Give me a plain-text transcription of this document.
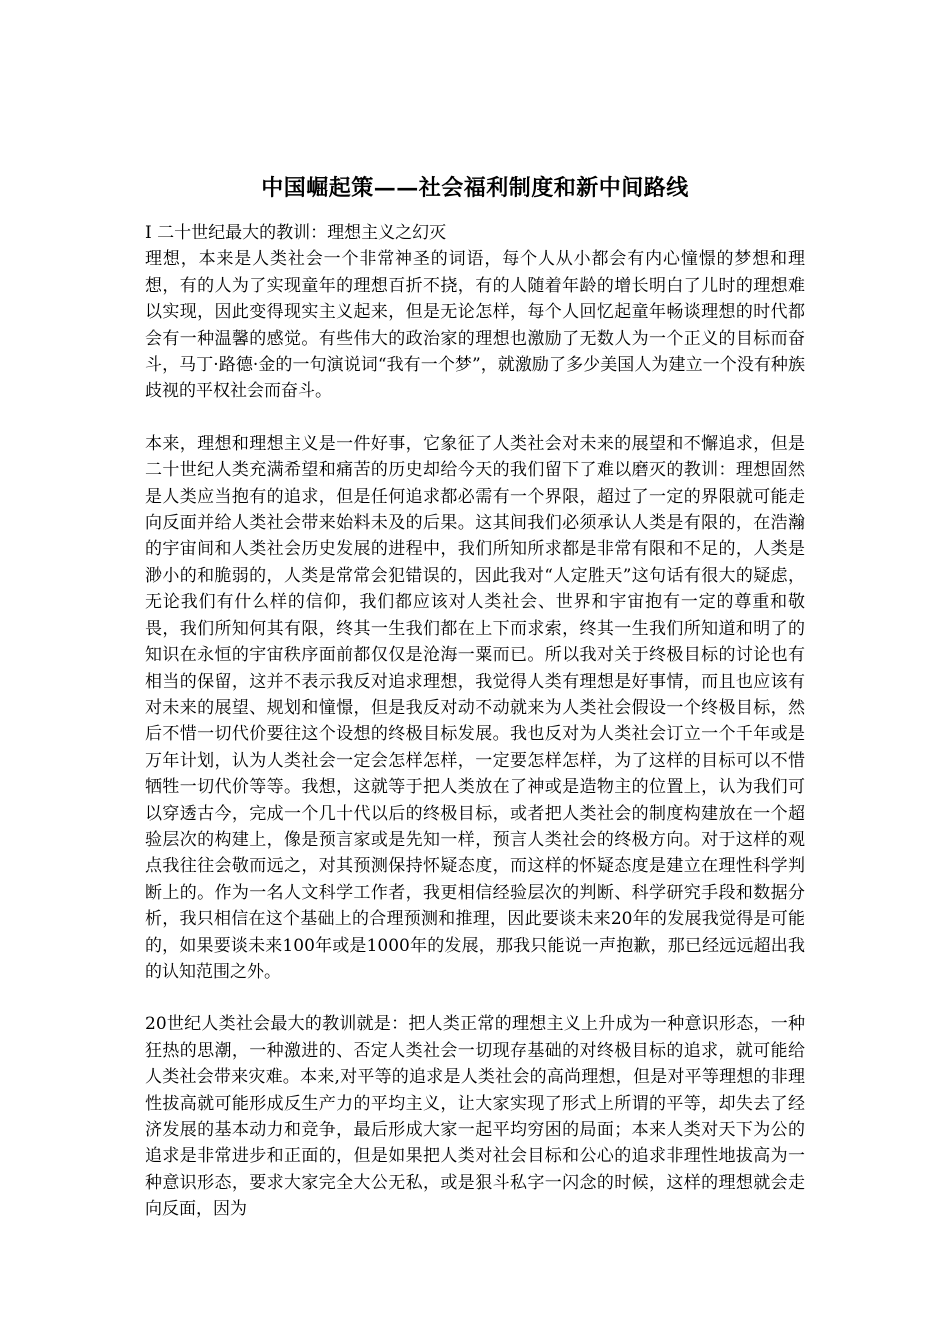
中国崛起策——社会福利制度和新中间路线

I 二十世纪最大的教训：理想主义之幻灭

理想，本来是人类社会一个非常神圣的词语，每个人从小都会有内心憧憬的梦想和理想，有的人为了实现童年的理想百折不挠，有的人随着年龄的增长明白了儿时的理想难以实现，因此变得现实主义起来，但是无论怎样，每个人回忆起童年畅谈理想的时代都会有一种温馨的感觉。有些伟大的政治家的理想也激励了无数人为一个正义的目标而奋斗，马丁·路德·金的一句演说词“我有一个梦”，就激励了多少美国人为建立一个没有种族歧视的平权社会而奋斗。

本来，理想和理想主义是一件好事，它象征了人类社会对未来的展望和不懈追求，但是二十世纪人类充满希望和痛苦的历史却给今天的我们留下了难以磨灭的教训：理想固然是人类应当抱有的追求，但是任何追求都必需有一个界限，超过了一定的界限就可能走向反面并给人类社会带来始料未及的后果。这其间我们必须承认人类是有限的，在浩瀚的宇宙间和人类社会历史发展的进程中，我们所知所求都是非常有限和不足的，人类是渺小的和脆弱的，人类是常常会犯错误的，因此我对“人定胜天”这句话有很大的疑虑，无论我们有什么样的信仰，我们都应该对人类社会、世界和宇宙抱有一定的尊重和敬畏，我们所知何其有限，终其一生我们都在上下而求索，终其一生我们所知道和明了的知识在永恒的宇宙秩序面前都仅仅是沧海一粟而已。所以我对关于终极目标的讨论也有相当的保留，这并不表示我反对追求理想，我觉得人类有理想是好事情，而且也应该有对未来的展望、规划和憧憬，但是我反对动不动就来为人类社会假设一个终极目标，然后不惜一切代价要往这个设想的终极目标发展。我也反对为人类社会订立一个千年或是万年计划，认为人类社会一定会怎样怎样，一定要怎样怎样，为了这样的目标可以不惜牺牲一切代价等等。我想，这就等于把人类放在了神或是造物主的位置上，认为我们可以穿透古今，完成一个几十代以后的终极目标，或者把人类社会的制度构建放在一个超验层次的构建上，像是预言家或是先知一样，预言人类社会的终极方向。对于这样的观点我往往会敬而远之，对其预测保持怀疑态度，而这样的怀疑态度是建立在理性科学判断上的。作为一名人文科学工作者，我更相信经验层次的判断、科学研究手段和数据分析，我只相信在这个基础上的合理预测和推理，因此要谈未来20年的发展我觉得是可能的，如果要谈未来100年或是1000年的发展，那我只能说一声抱歉，那已经远远超出我的认知范围之外。

20世纪人类社会最大的教训就是：把人类正常的理想主义上升成为一种意识形态，一种狂热的思潮，一种激进的、否定人类社会一切现存基础的对终极目标的追求，就可能给人类社会带来灾难。本来,对平等的追求是人类社会的高尚理想，但是对平等理想的非理性拔高就可能形成反生产力的平均主义，让大家实现了形式上所谓的平等，却失去了经济发展的基本动力和竞争，最后形成大家一起平均穷困的局面；本来人类对天下为公的追求是非常进步和正面的，但是如果把人类对社会目标和公心的追求非理性地拔高为一种意识形态，要求大家完全大公无私，或是狠斗私字一闪念的时候，这样的理想就会走向反面，因为
